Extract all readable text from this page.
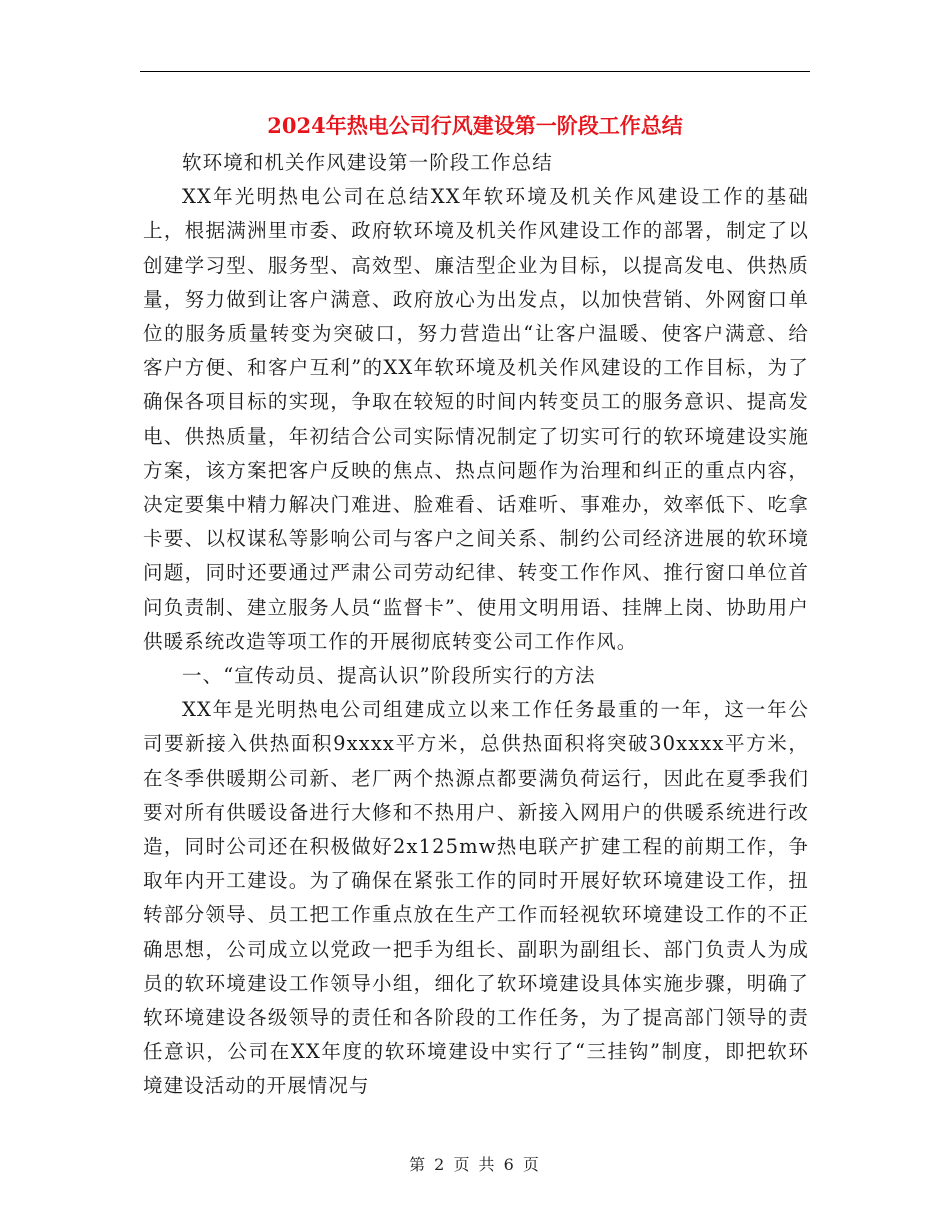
2024年热电公司行风建设第一阶段工作总结

软环境和机关作风建设第一阶段工作总结

XX年光明热电公司在总结XX年软环境及机关作风建设工作的基础上，根据满洲里市委、政府软环境及机关作风建设工作的部署，制定了以创建学习型、服务型、高效型、廉洁型企业为目标，以提高发电、供热质量，努力做到让客户满意、政府放心为出发点，以加快营销、外网窗口单位的服务质量转变为突破口，努力营造出“让客户温暖、使客户满意、给客户方便、和客户互利”的XX年软环境及机关作风建设的工作目标，为了确保各项目标的实现，争取在较短的时间内转变员工的服务意识、提高发电、供热质量，年初结合公司实际情况制定了切实可行的软环境建设实施方案，该方案把客户反映的焦点、热点问题作为治理和纠正的重点内容，决定要集中精力解决门难进、脸难看、话难听、事难办，效率低下、吃拿卡要、以权谋私等影响公司与客户之间关系、制约公司经济进展的软环境问题，同时还要通过严肃公司劳动纪律、转变工作作风、推行窗口单位首问负责制、建立服务人员“监督卡”、使用文明用语、挂牌上岗、协助用户供暖系统改造等项工作的开展彻底转变公司工作作风。

一、“宣传动员、提高认识”阶段所实行的方法

XX年是光明热电公司组建成立以来工作任务最重的一年，这一年公司要新接入供热面积9xxxx平方米，总供热面积将突破30xxxx平方米，在冬季供暖期公司新、老厂两个热源点都要满负荷运行，因此在夏季我们要对所有供暖设备进行大修和不热用户、新接入网用户的供暖系统进行改造，同时公司还在积极做好2x125mw热电联产扩建工程的前期工作，争取年内开工建设。为了确保在紧张工作的同时开展好软环境建设工作，扭转部分领导、员工把工作重点放在生产工作而轻视软环境建设工作的不正确思想，公司成立以党政一把手为组长、副职为副组长、部门负责人为成员的软环境建设工作领导小组，细化了软环境建设具体实施步骤，明确了软环境建设各级领导的责任和各阶段的工作任务，为了提高部门领导的责任意识，公司在XX年度的软环境建设中实行了“三挂钩”制度，即把软环境建设活动的开展情况与

第 2 页 共 6 页
